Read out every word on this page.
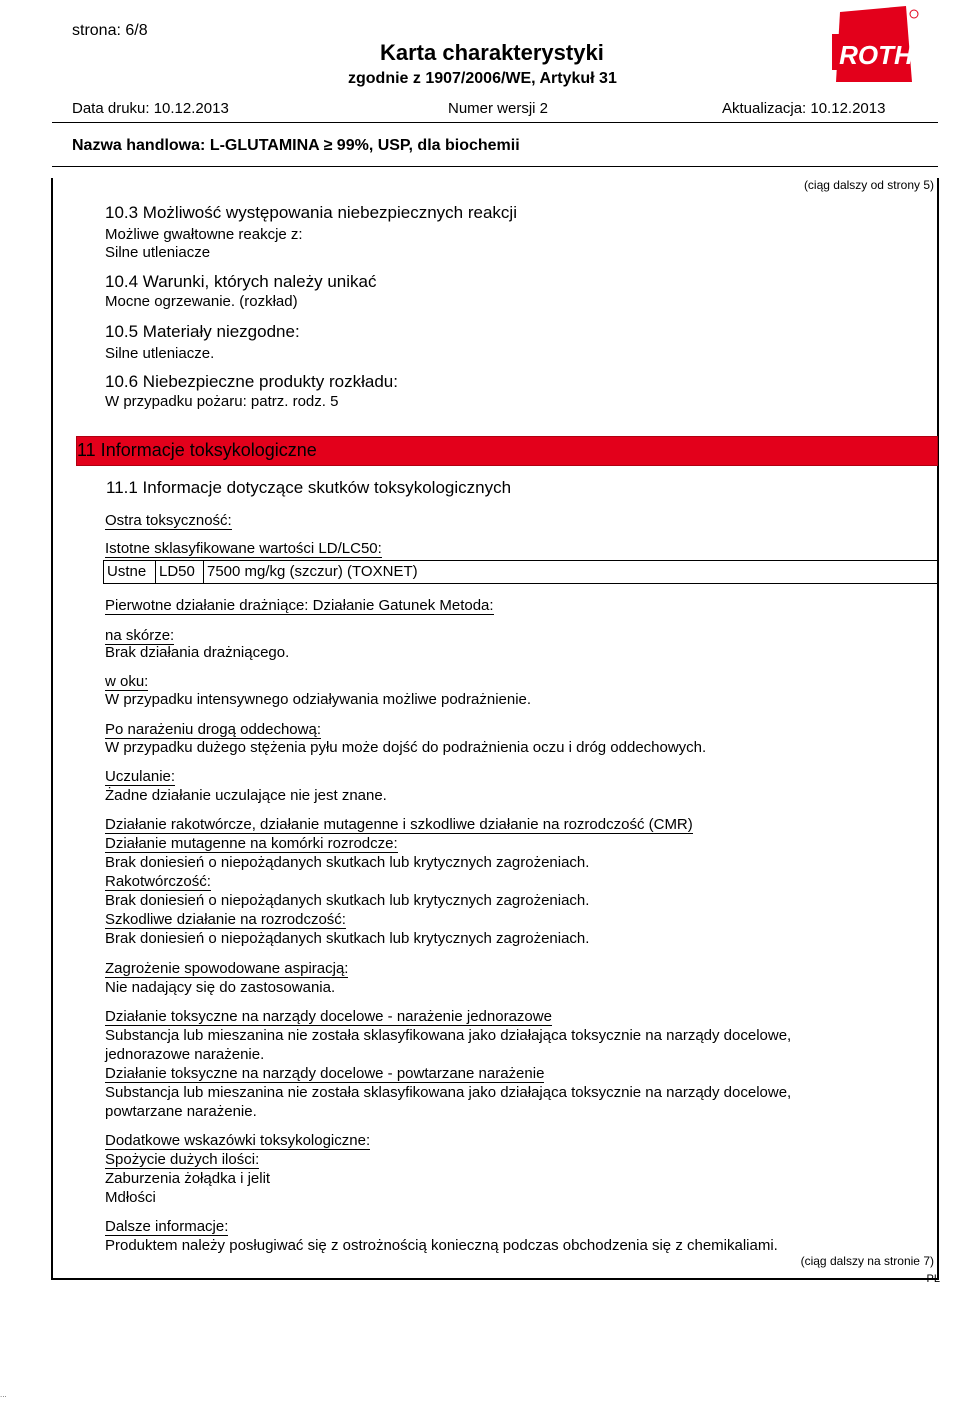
strona: 6/8
Karta charakterystyki
zgodnie z 1907/2006/WE, Artykuł 31
ROTH
Data druku: 10.12.2013	Numer wersji 2	Aktualizacja: 10.12.2013
Nazwa handlowa: L-GLUTAMINA ≥ 99%, USP, dla biochemii
(ciąg dalszy od strony 5)
10.3 Możliwość występowania niebezpiecznych reakcji
Możliwe gwałtowne reakcje z:
Silne utleniacze
10.4 Warunki, których należy unikać
Mocne ogrzewanie. (rozkład)
10.5 Materiały niezgodne:
Silne utleniacze.
10.6 Niebezpieczne produkty rozkładu:
W przypadku pożaru: patrz. rodz. 5
11 Informacje toksykologiczne
11.1 Informacje dotyczące skutków toksykologicznych
Ostra toksyczność:
Istotne sklasyfikowane wartości LD/LC50:
Ustne LD50 7500 mg/kg (szczur) (TOXNET)
Pierwotne działanie drażniące: Działanie Gatunek Metoda:
na skórze:
Brak działania drażniącego.
w oku:
W przypadku intensywnego odziaływania możliwe podrażnienie.
Po narażeniu drogą oddechową:
W przypadku dużego stężenia pyłu może dojść do podrażnienia oczu i dróg oddechowych.
Uczulanie:
Żadne działanie uczulające nie jest znane.
Działanie rakotwórcze, działanie mutagenne i szkodliwe działanie na rozrodczość (CMR)
Działanie mutagenne na komórki rozrodcze:
Brak doniesień o niepożądanych skutkach lub krytycznych zagrożeniach.
Rakotwórczość:
Brak doniesień o niepożądanych skutkach lub krytycznych zagrożeniach.
Szkodliwe działanie na rozrodczość:
Brak doniesień o niepożądanych skutkach lub krytycznych zagrożeniach.
Zagrożenie spowodowane aspiracją:
Nie nadający się do zastosowania.
Działanie toksyczne na narządy docelowe - narażenie jednorazowe
Substancja lub mieszanina nie została sklasyfikowana jako działająca toksycznie na narządy docelowe,
jednorazowe narażenie.
Działanie toksyczne na narządy docelowe - powtarzane narażenie
Substancja lub mieszanina nie została sklasyfikowana jako działająca toksycznie na narządy docelowe,
powtarzane narażenie.
Dodatkowe wskazówki toksykologiczne:
Spożycie dużych ilości:
Zaburzenia żołądka i jelit
Mdłości
Dalsze informacje:
Produktem należy posługiwać się z ostrożnością konieczną podczas obchodzenia się z chemikaliami.
(ciąg dalszy na stronie 7)
PL
...
